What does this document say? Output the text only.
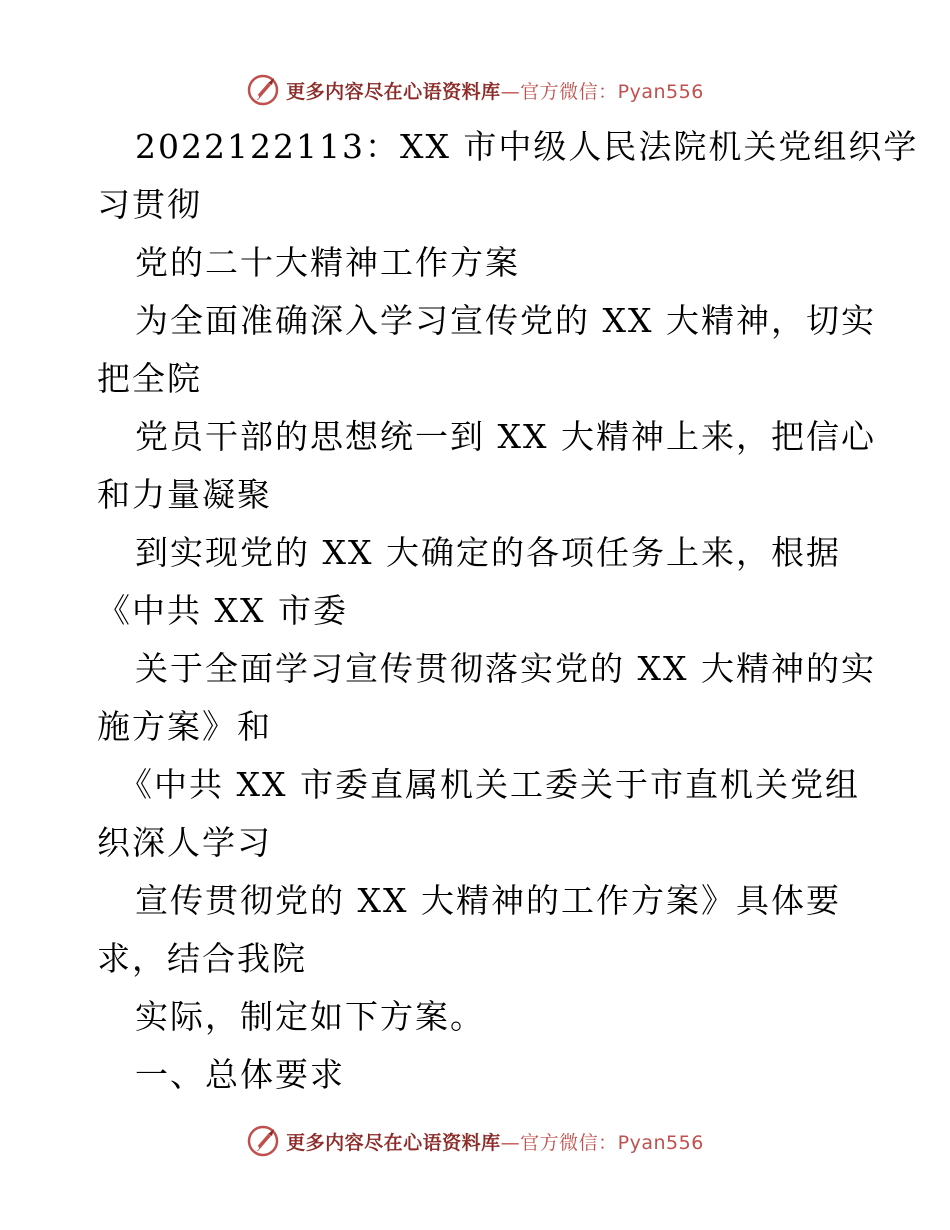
更多内容尽在心语资料库—官方微信：Pyan556
2022122113：XX 市中级人民法院机关党组织学
习贯彻
党的二十大精神工作方案
为全面准确深入学习宣传党的 XX 大精神，切实
把全院
党员干部的思想统一到 XX 大精神上来，把信心
和力量凝聚
到实现党的 XX 大确定的各项任务上来，根据
《中共 XX 市委
关于全面学习宣传贯彻落实党的 XX 大精神的实
施方案》和
《中共 XX 市委直属机关工委关于市直机关党组
织深人学习
宣传贯彻党的 XX 大精神的工作方案》具体要
求，结合我院
实际，制定如下方案。
一、总体要求
更多内容尽在心语资料库—官方微信：Pyan556
